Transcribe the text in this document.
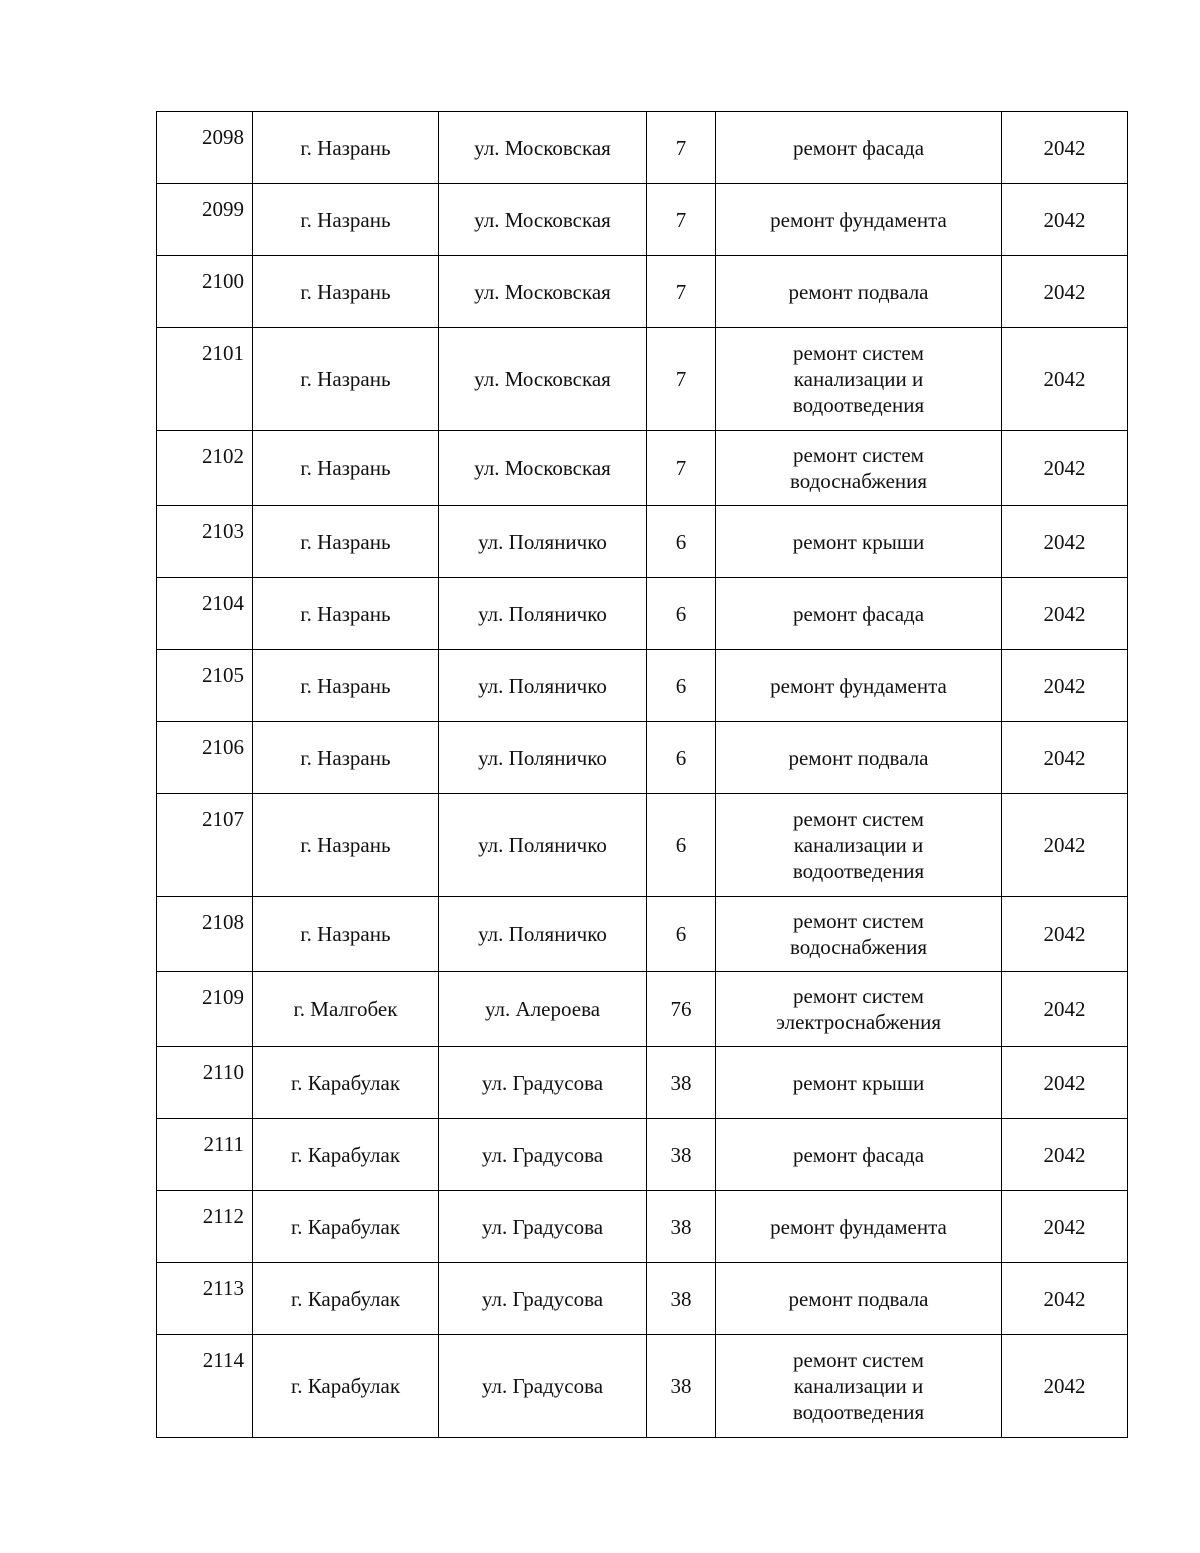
2098	г. Назрань	ул. Московская	7	ремонт фасада	2042
2099	г. Назрань	ул. Московская	7	ремонт фундамента	2042
2100	г. Назрань	ул. Московская	7	ремонт подвала	2042
2101	г. Назрань	ул. Московская	7	ремонт систем
канализации и
водоотведения	2042
2102	г. Назрань	ул. Московская	7	ремонт систем
водоснабжения	2042
2103	г. Назрань	ул. Поляничко	6	ремонт крыши	2042
2104	г. Назрань	ул. Поляничко	6	ремонт фасада	2042
2105	г. Назрань	ул. Поляничко	6	ремонт фундамента	2042
2106	г. Назрань	ул. Поляничко	6	ремонт подвала	2042
2107	г. Назрань	ул. Поляничко	6	ремонт систем
канализации и
водоотведения	2042
2108	г. Назрань	ул. Поляничко	6	ремонт систем
водоснабжения	2042
2109	г. Малгобек	ул. Алероева	76	ремонт систем
электроснабжения	2042
2110	г. Карабулак	ул. Градусова	38	ремонт крыши	2042
2111	г. Карабулак	ул. Градусова	38	ремонт фасада	2042
2112	г. Карабулак	ул. Градусова	38	ремонт фундамента	2042
2113	г. Карабулак	ул. Градусова	38	ремонт подвала	2042
2114	г. Карабулак	ул. Градусова	38	ремонт систем
канализации и
водоотведения	2042
